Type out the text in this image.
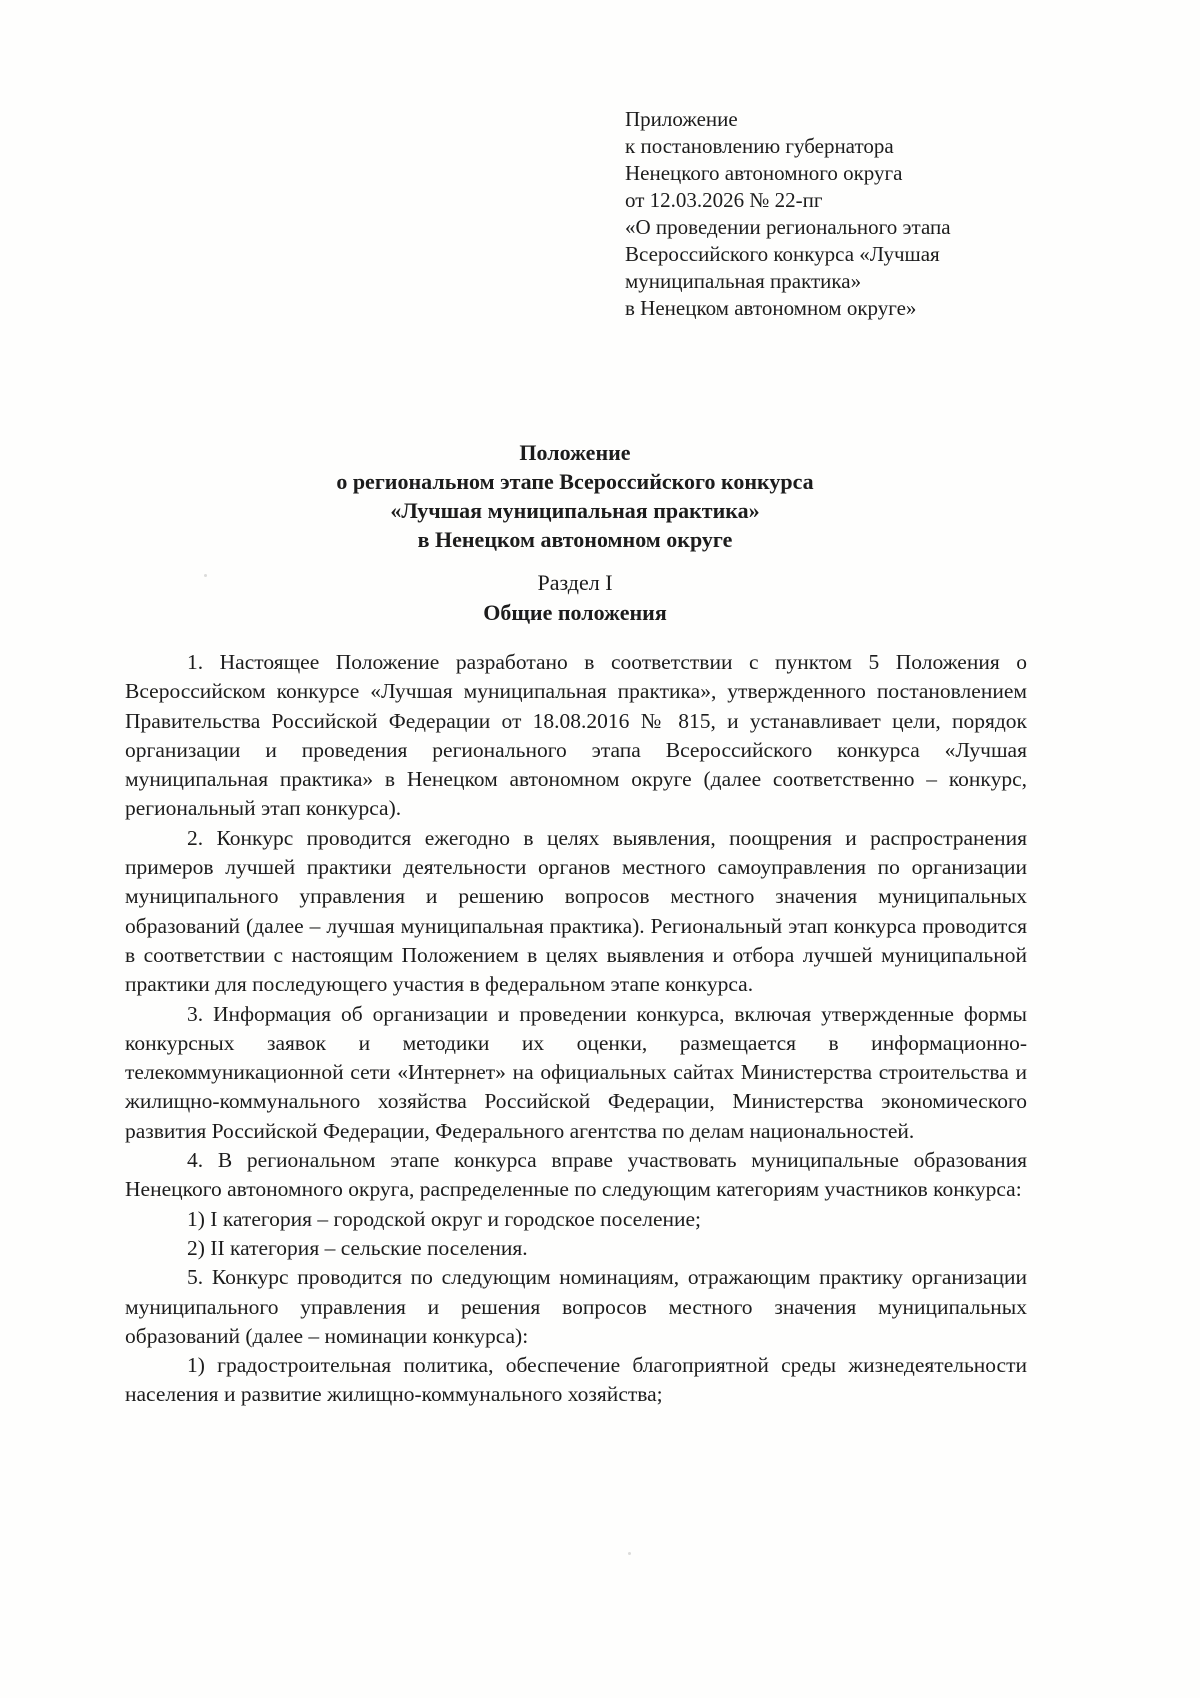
Приложение
к постановлению губернатора
Ненецкого автономного округа
от 12.03.2026 № 22-пг
«О проведении регионального этапа
Всероссийского конкурса «Лучшая
муниципальная практика»
в Ненецком автономном округе»
Положение
о региональном этапе Всероссийского конкурса
«Лучшая муниципальная практика»
в Ненецком автономном округе
Раздел I
Общие положения

1. Настоящее Положение разработано в соответствии с пунктом 5 Положения о Всероссийском конкурсе «Лучшая муниципальная практика», утвержденного постановлением Правительства Российской Федерации от 18.08.2016 № 815, и устанавливает цели, порядок организации и проведения регионального этапа Всероссийского конкурса «Лучшая муниципальная практика» в Ненецком автономном округе (далее соответственно – конкурс, региональный этап конкурса).

2. Конкурс проводится ежегодно в целях выявления, поощрения и распространения примеров лучшей практики деятельности органов местного самоуправления по организации муниципального управления и решению вопросов местного значения муниципальных образований (далее – лучшая муниципальная практика). Региональный этап конкурса проводится в соответствии с настоящим Положением в целях выявления и отбора лучшей муниципальной практики для последующего участия в федеральном этапе конкурса.

3. Информация об организации и проведении конкурса, включая утвержденные формы конкурсных заявок и методики их оценки, размещается в информационно-телекоммуникационной сети «Интернет» на официальных сайтах Министерства строительства и жилищно-коммунального хозяйства Российской Федерации, Министерства экономического развития Российской Федерации, Федерального агентства по делам национальностей.

4. В региональном этапе конкурса вправе участвовать муниципальные образования Ненецкого автономного округа, распределенные по следующим категориям участников конкурса:

1) I категория – городской округ и городское поселение;

2) II категория – сельские поселения.

5. Конкурс проводится по следующим номинациям, отражающим практику организации муниципального управления и решения вопросов местного значения муниципальных образований (далее – номинации конкурса):

1) градостроительная политика, обеспечение благоприятной среды жизнедеятельности населения и развитие жилищно-коммунального хозяйства;
